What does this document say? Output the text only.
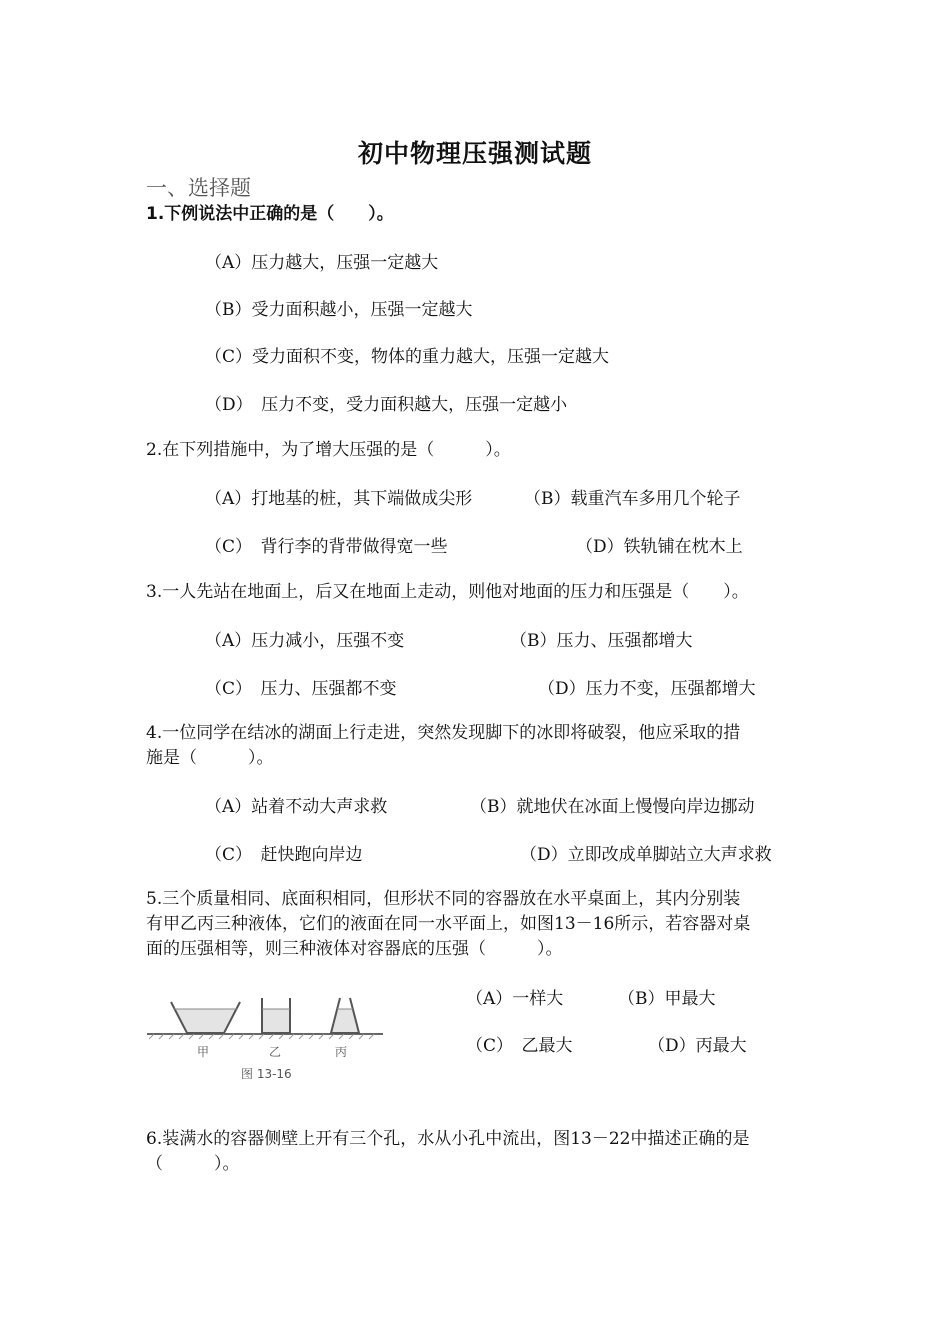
初中物理压强测试题
一、选择题
1.下例说法中正确的是（　　）。
（A）压力越大，压强一定越大
（B）受力面积越小，压强一定越大
（C）受力面积不变，物体的重力越大，压强一定越大
（D）　压力不变，受力面积越大，压强一定越小
2.在下列措施中，为了增大压强的是（　　　）。
（A）打地基的桩，其下端做成尖形	（B）载重汽车多用几个轮子
（C）　背行李的背带做得宽一些	（D）铁轨铺在枕木上
3.一人先站在地面上，后又在地面上走动，则他对地面的压力和压强是（　　）。
（A）压力减小，压强不变	（B）压力、压强都增大
（C）　压力、压强都不变	（D）压力不变，压强都增大
4.一位同学在结冰的湖面上行走进，突然发现脚下的冰即将破裂，他应采取的措
施是（　　　）。
（A）站着不动大声求救	（B）就地伏在冰面上慢慢向岸边挪动
（C）　赶快跑向岸边	（D）立即改成单脚站立大声求救
5.三个质量相同、底面积相同，但形状不同的容器放在水平桌面上，其内分别装
有甲乙丙三种液体，它们的液面在同一水平面上，如图13－16所示，若容器对桌
面的压强相等，则三种液体对容器底的压强（　　　）。
甲	乙	丙
图 13-16
（A）一样大	（B）甲最大
（C）　乙最大	（D）丙最大
6.装满水的容器侧壁上开有三个孔，水从小孔中流出，图13－22中描述正确的是
（　　　）。
